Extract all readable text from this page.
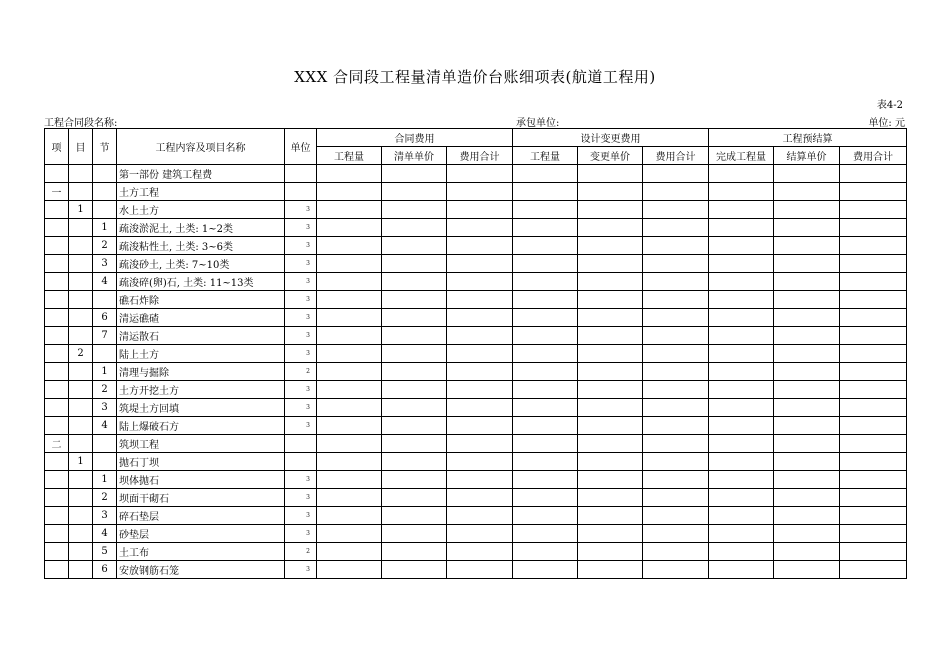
XXX 合同段工程量清单造价台账细项表(航道工程用)
表4-2
工程合同段名称:	承包单位:	单位: 元
项	目	节	工程内容及项目名称	单位	合同费用			设计变更费用			工程预结算		
					工程量	清单单价	费用合计	工程量	变更单价	费用合计	完成工程量	结算单价	费用合计
			第一部份 建筑工程费										
一			土方工程										
	1		水上土方	3									
		1	疏浚淤泥土, 土类: 1~2类	3									
		2	疏浚粘性土, 土类: 3~6类	3									
		3	疏浚砂土, 土类: 7~10类	3									
		4	疏浚碎(卵)石, 土类: 11~13类	3									
			礁石炸除	3									
		6	清运礁碴	3									
		7	清运散石	3									
	2		陆上土方	3									
		1	清理与掘除	2									
		2	土方开挖土方	3									
		3	筑堤土方回填	3									
		4	陆上爆破石方	3									
二			筑坝工程										
	1		抛石丁坝										
		1	坝体抛石	3									
		2	坝面干砌石	3									
		3	碎石垫层	3									
		4	砂垫层	3									
		5	土工布	2									
		6	安放钢筋石笼	3									
